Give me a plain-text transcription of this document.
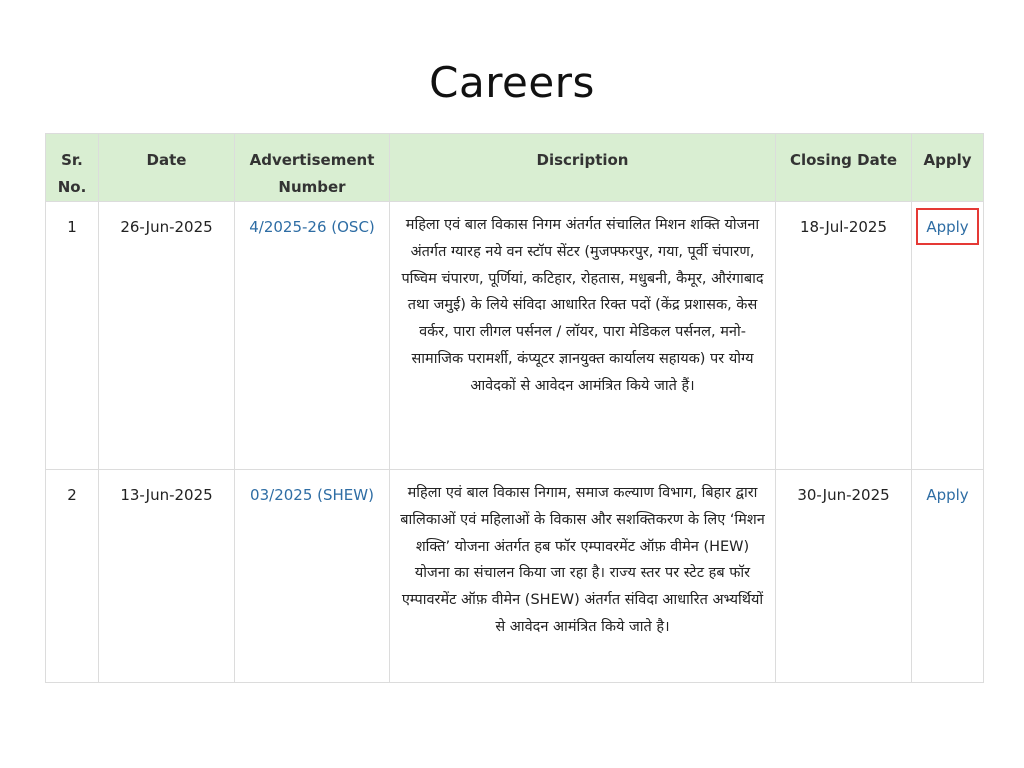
Careers
Sr. No.	Date	Advertisement Number	Discription	Closing Date	Apply
1	26-Jun-2025	4/2025-26 (OSC)	महिला एवं बाल विकास निगम अंतर्गत संचालित मिशन शक्ति योजना अंतर्गत ग्यारह नये वन स्टॉप सेंटर (मुजफ्फरपुर, गया, पूर्वी चंपारण, पष्चिम चंपारण, पूर्णियां, कटिहार, रोहतास, मधुबनी, कैमूर, औरंगाबाद तथा जमुई) के लिये संविदा आधारित रिक्त पदों (केंद्र प्रशासक, केस वर्कर, पारा लीगल पर्सनल / लॉयर, पारा मेडिकल पर्सनल, मनो-सामाजिक परामर्शी, कंप्यूटर ज्ञानयुक्त कार्यालय सहायक) पर योग्य आवेदकों से आवेदन आमंत्रित किये जाते हैं।	18-Jul-2025	Apply

2	13-Jun-2025	03/2025 (SHEW)	महिला एवं बाल विकास निगाम, समाज कल्याण विभाग, बिहार द्वारा बालिकाओं एवं महिलाओं के विकास और सशक्तिकरण के लिए ‘मिशन शक्ति’ योजना अंतर्गत हब फॉर एम्पावरमेंट ऑफ़ वीमेन (HEW) योजना का संचालन किया जा रहा है। राज्य स्तर पर स्टेट हब फॉर एम्पावरमेंट ऑफ़ वीमेन (SHEW) अंतर्गत संविदा आधारित अभ्यर्थियों से आवेदन आमंत्रित किये जाते है।	30-Jun-2025	Apply
